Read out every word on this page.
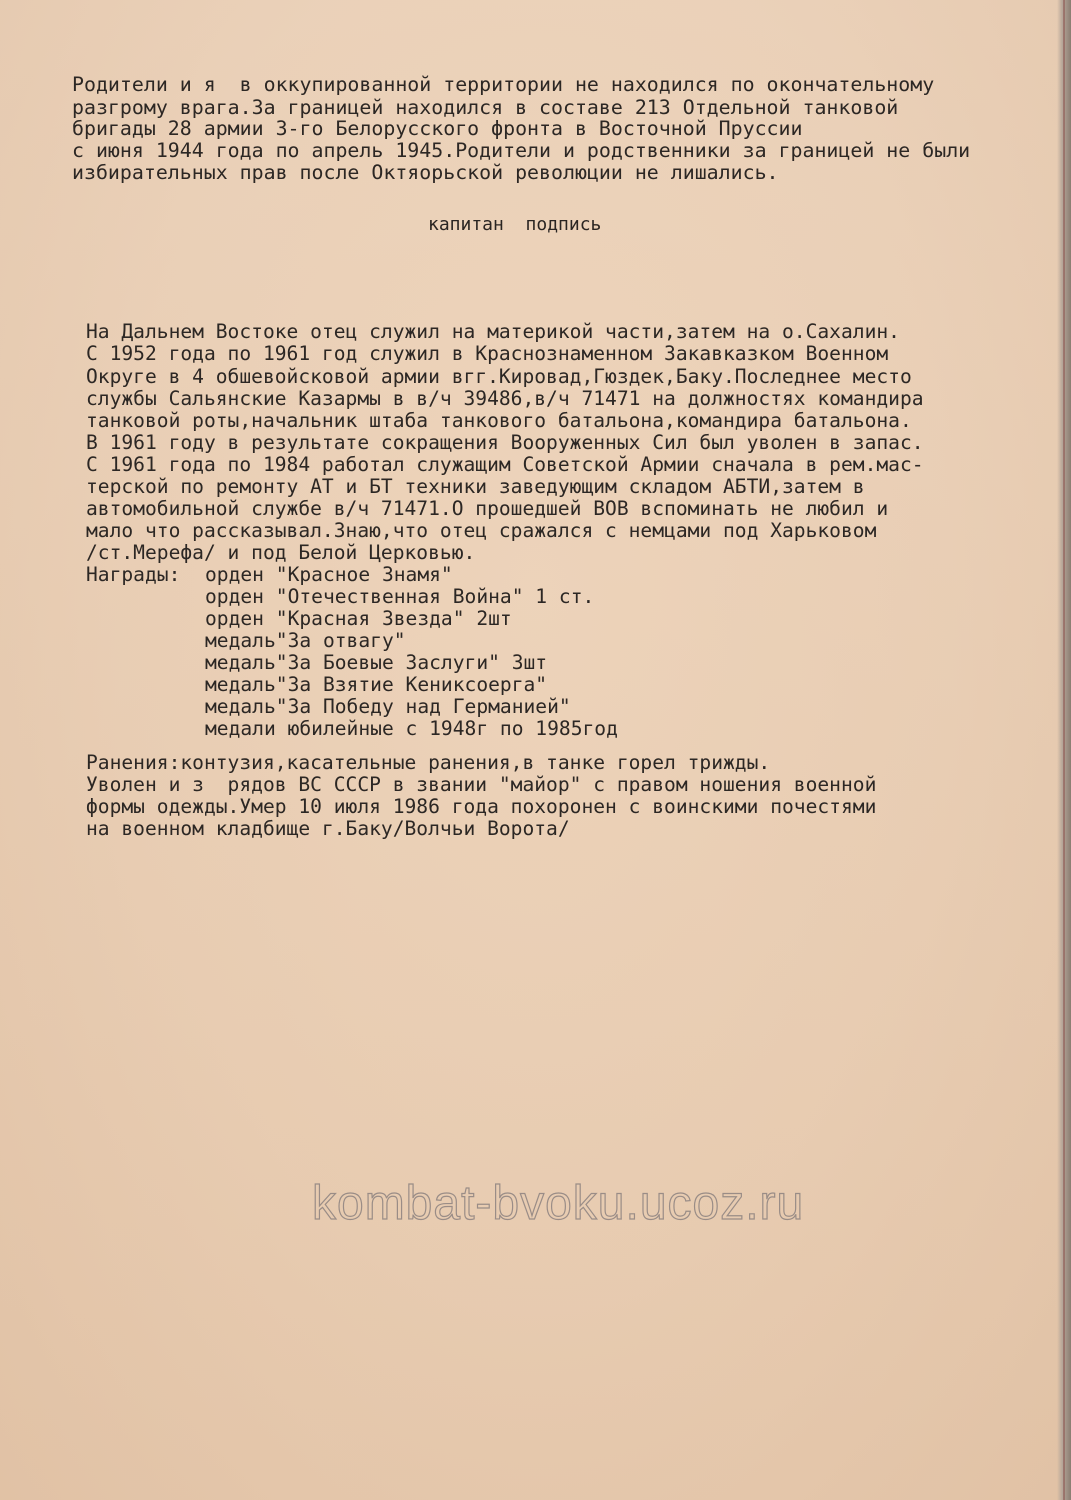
Родители и я  в оккупированной территории не находился по окончательному
разгрому врага.За границей находился в составе 213 Отдельной танковой
бригады 28 армии 3-го Белорусского фронта в Восточной Пруссии
с июня 1944 года по апрель 1945.Родители и родственники за границей не были
избирательных прав после Октяорьской революции не лишались.
капитан  подпись
На Дальнем Востоке отец служил на материкой части,затем на о.Сахалин.
С 1952 года по 1961 год служил в Краснознаменном Закавказком Военном
Округе в 4 обшевойсковой армии вгг.Кировад,Гюздек,Баку.Последнее место
службы Сальянские Казармы в в/ч 39486,в/ч 71471 на должностях командира
танковой роты,начальник штаба танкового батальона,командира батальона.
В 1961 году в результате сокращения Вооруженных Сил был уволен в запас.
С 1961 года по 1984 работал служащим Советской Армии сначала в рем.мас-
терской по ремонту АТ и БТ техники заведующим складом АБТИ,затем в
автомобильной службе в/ч 71471.О прошедшей ВОВ вспоминать не любил и
мало что рассказывал.Знаю,что отец сражался с немцами под Харьковом
/ст.Мерефа/ и под Белой Церковью.
Награды: орден "Красное Знамя"
орден "Отечественная Война" 1 ст.
орден "Красная Звезда" 2шт
медаль"За отвагу"
медаль"За Боевые Заслуги" 3шт
медаль"За Взятие Кениксоерга"
медаль"За Победу над Германией"
медали юбилейные с 1948г по 1985год
Ранения:контузия,касательные ранения,в танке горел трижды.
Уволен и з  рядов ВС СССР в звании "майор" с правом ношения военной
формы одежды.Умер 10 июля 1986 года похоронен с воинскими почестями
на военном кладбище г.Баку/Волчьи Ворота/
kombat-bvoku.ucoz.ru
